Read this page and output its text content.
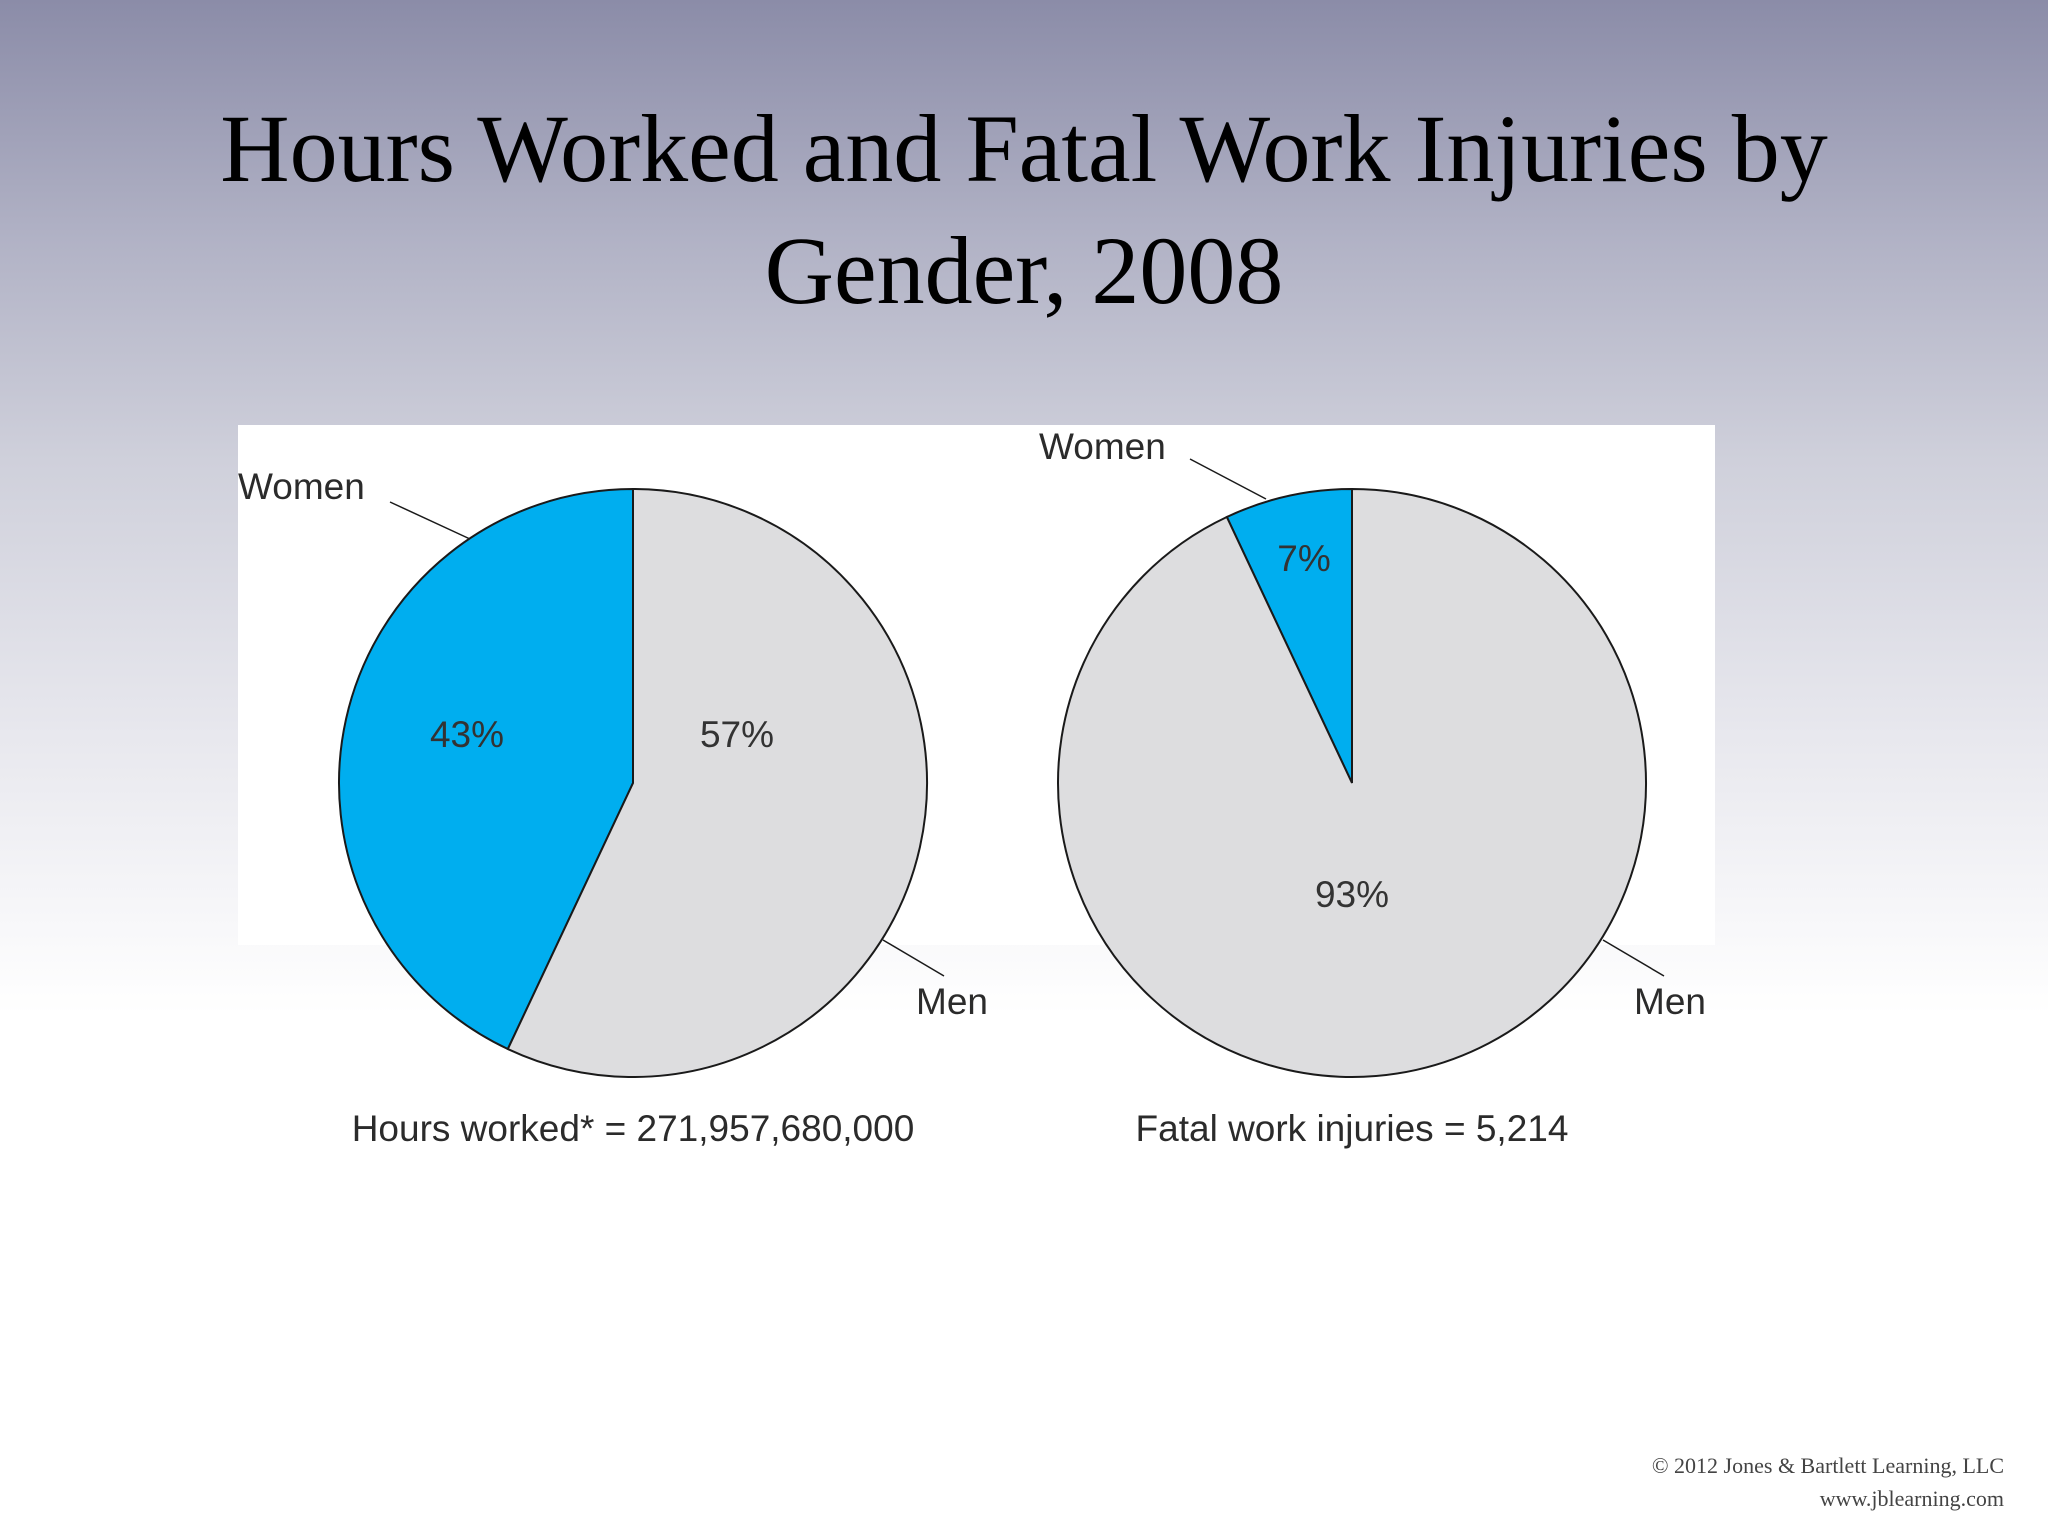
Hours Worked and Fatal Work Injuries by
Gender, 2008
Women
Men
43%	57%
Hours worked* = 271,957,680,000
Women
Men
7%
93%
Fatal work injuries = 5,214
© 2012 Jones & Bartlett Learning, LLC
www.jblearning.com
